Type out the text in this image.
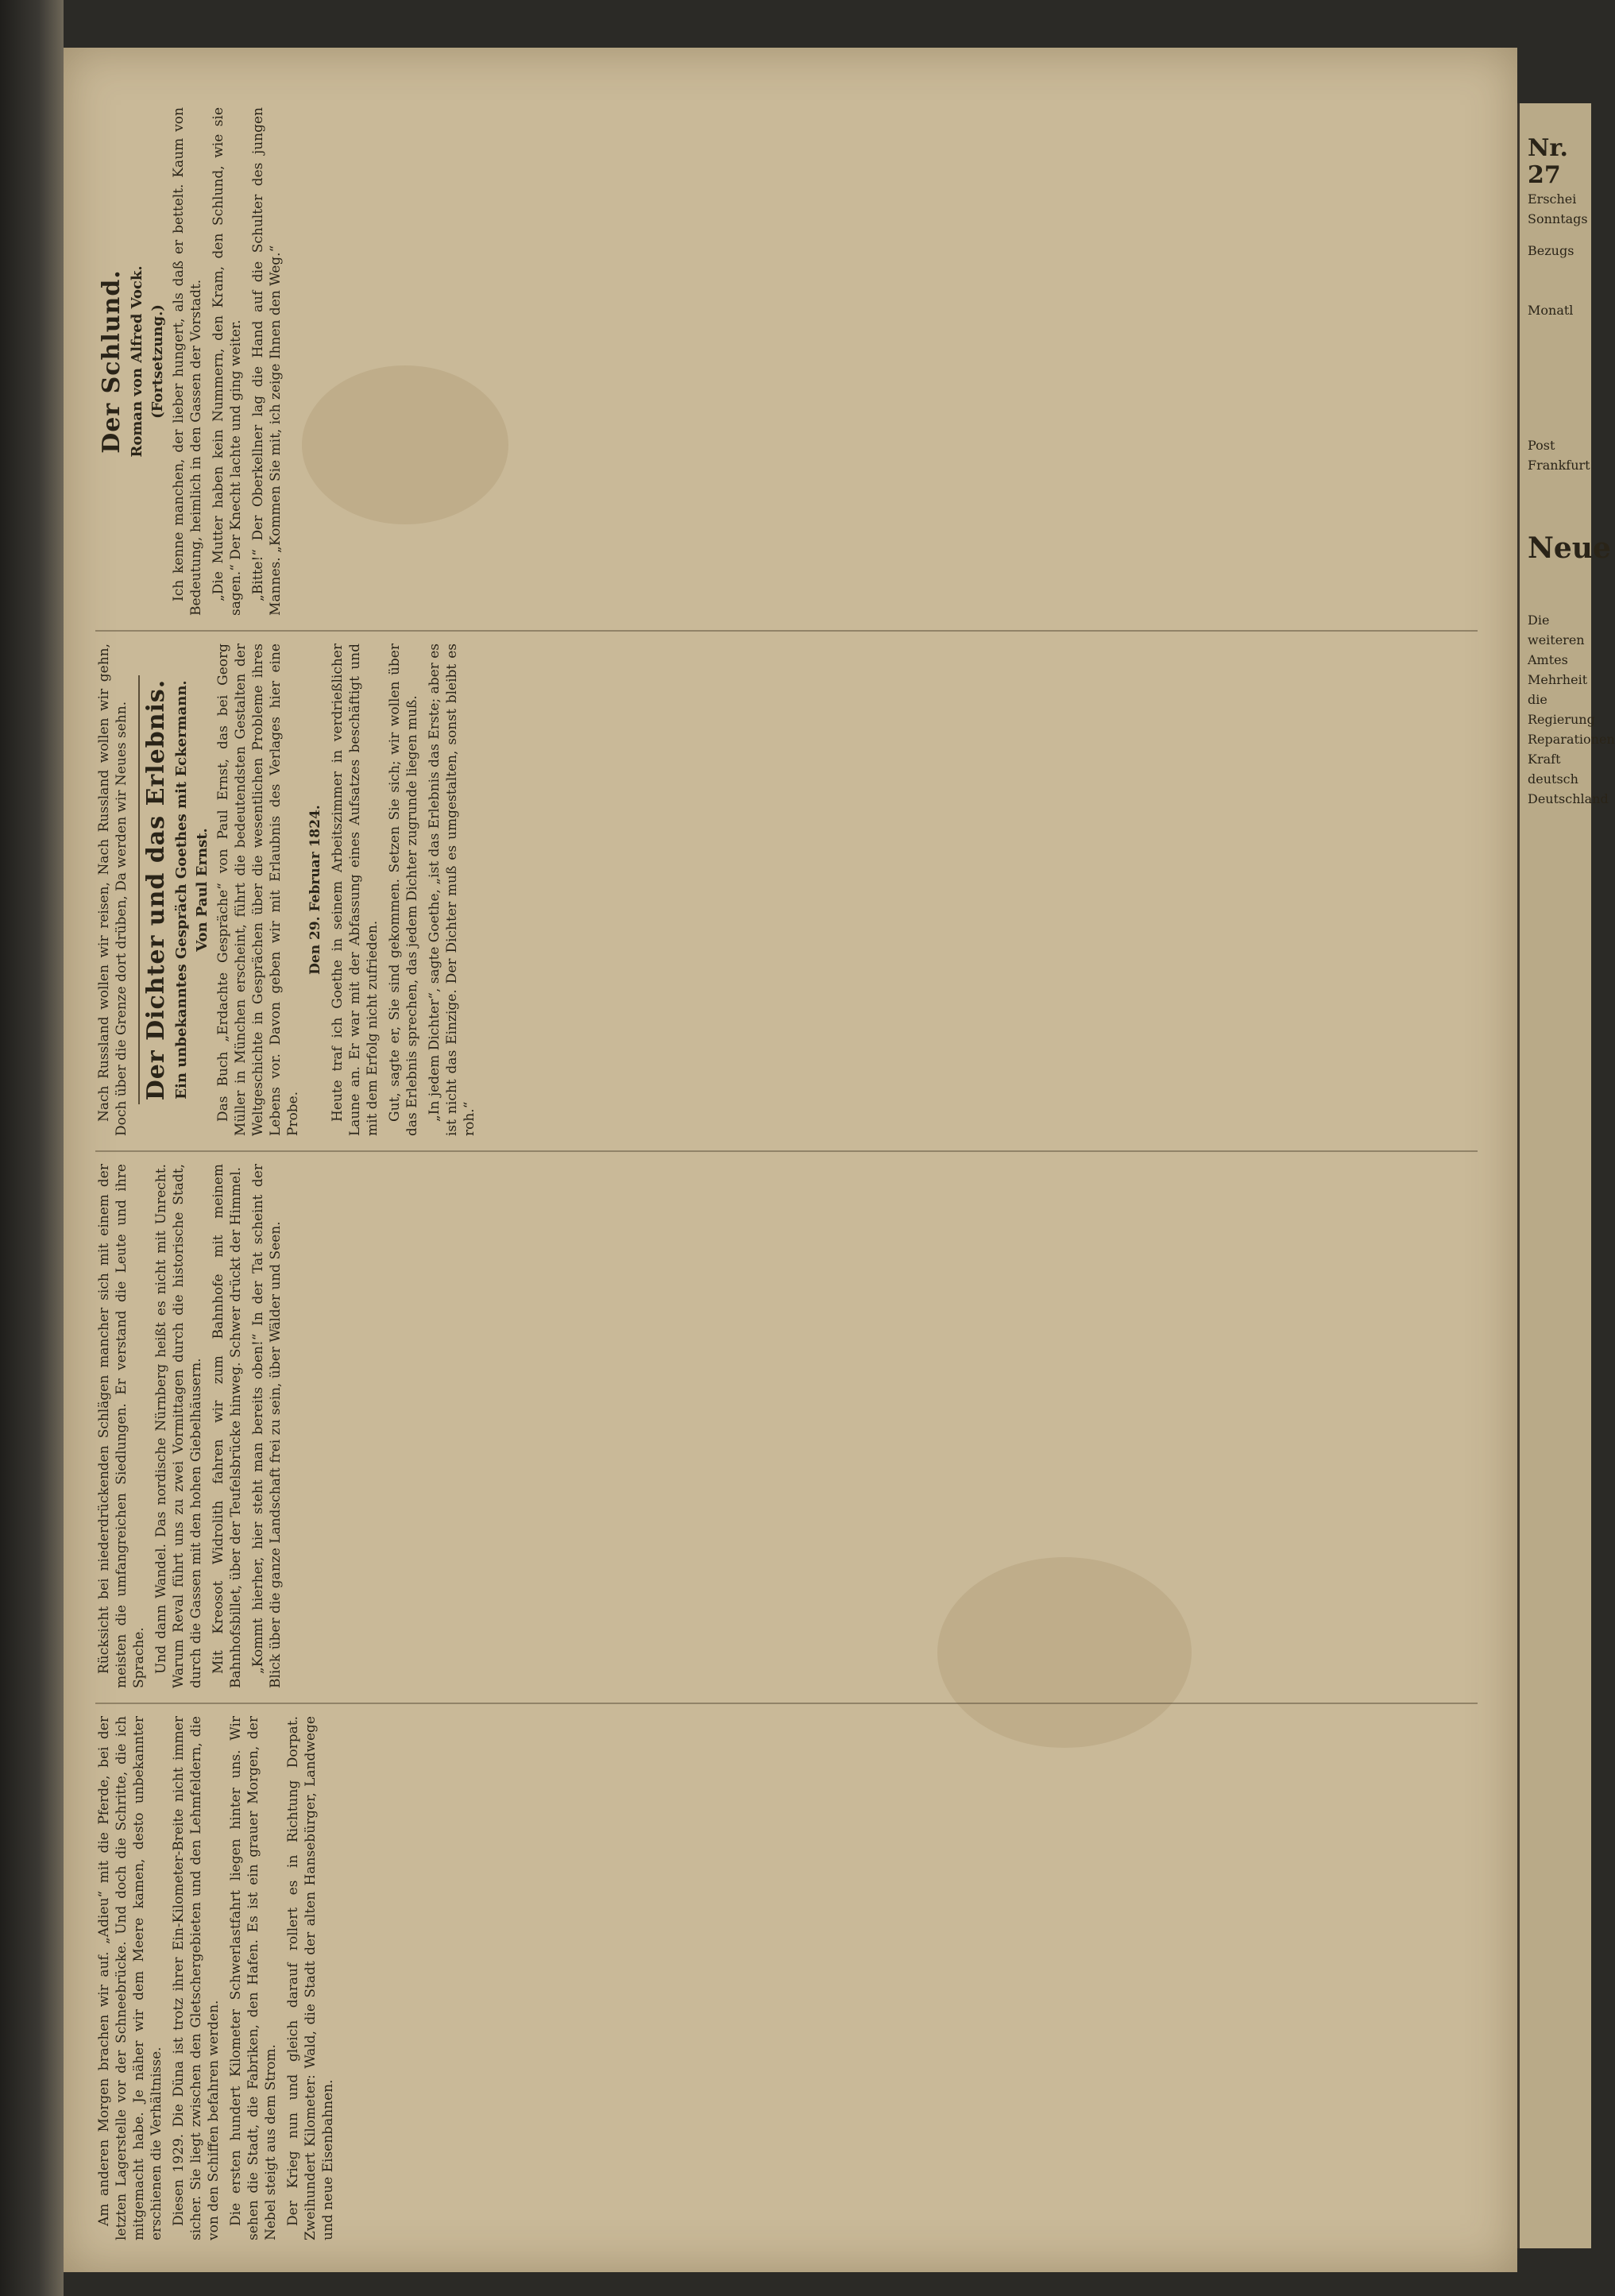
Am anderen Morgen brachen wir auf. „Adieu“ mit die Pferde, bei der letzten Lagerstelle vor der Schneebrücke. Und doch die Schritte, die ich mitgemacht habe. Je näher wir dem Meere kamen, desto unbekannter erschienen die Verhältnisse. Diesen 1929. Die Düna ist trotz ihrer Ein-Kilometer-Breite nicht immer sicher. Sie liegt zwischen den Gletschergebieten und den Lehmfeldern, die von den Schiffen befahren werden. Die ersten hundert Kilometer Schwerlastfahrt liegen hinter uns. Wir sehen die Stadt, die Fabriken, den Hafen. Es ist ein grauer Morgen, der Nebel steigt aus dem Strom. Der Krieg nun und gleich darauf rollert es in Richtung Dorpat. Zweihundert Kilometer: Wald, die Stadt der alten Hansebürger, Landwege und neue Eisenbahnen.

Rücksicht bei niederdrückenden Schlägen mancher sich mit einem der meisten die umfangreichen Siedlungen. Er verstand die Leute und ihre Sprache. Und dann Wandel. Das nordische Nürnberg heißt es nicht mit Unrecht. Warum Reval führt uns zu zwei Vormittagen durch die historische Stadt, durch die Gassen mit den hohen Giebelhäusern. Mit Kreosot Widrolith fahren wir zum Bahnhofe mit meinem Bahnhofsbillet, über der Teufelsbrücke hinweg. Schwer drückt der Himmel. „Kommt hierher, hier steht man bereits oben!“ In der Tat scheint der Blick über die ganze Landschaft frei zu sein, über Wälder und Seen.

Nach Russland wollen wir reisen, Nach Russland wollen wir gehn, Doch über die Grenze dort drüben, Da werden wir Neues sehn. Der Dichter und das Erlebnis. Ein unbekanntes Gespräch Goethes mit Eckermann. Von Paul Ernst. Das Buch „Erdachte Gespräche“ von Paul Ernst, das bei Georg Müller in München erscheint, führt die bedeutendsten Gestalten der Weltgeschichte in Gesprächen über die wesentlichen Probleme ihres Lebens vor. Davon geben wir mit Erlaubnis des Verlages hier eine Probe.

Den 29. Februar 1824. Heute traf ich Goethe in seinem Arbeitszimmer in verdrießlicher Laune an. Er war mit der Abfassung eines Aufsatzes beschäftigt und mit dem Erfolg nicht zufrieden. Gut, sagte er, Sie sind gekommen. Setzen Sie sich; wir wollen über das Erlebnis sprechen, das jedem Dichter zugrunde liegen muß. „In jedem Dichter“, sagte Goethe, „ist das Erlebnis das Erste; aber es ist nicht das Einzige. Der Dichter muß es umgestalten, sonst bleibt es roh.“

Der Schlund. Roman von Alfred Vock. (Fortsetzung.) Ich kenne manchen, der lieber hungert, als daß er bettelt. Kaum von Bedeutung, heimlich in den Gassen der Vorstadt. „Die Mutter haben kein Nummern, den Kram, den Schlund, wie sie sagen.“ Der Knecht lachte und ging weiter. „Bitte!“ Der Oberkellner lag die Hand auf die Schulter des jungen Mannes. „Kommen Sie mit, ich zeige Ihnen den Weg.“

Nr. 27
Erschei
Sonntags
Bezugs
Monatl
Post
Frankfurt
Neue
Die
weiteren
Amtes
Mehrheit
die
Regierung
Reparationen
Kraft
deutsch
Deutschland
